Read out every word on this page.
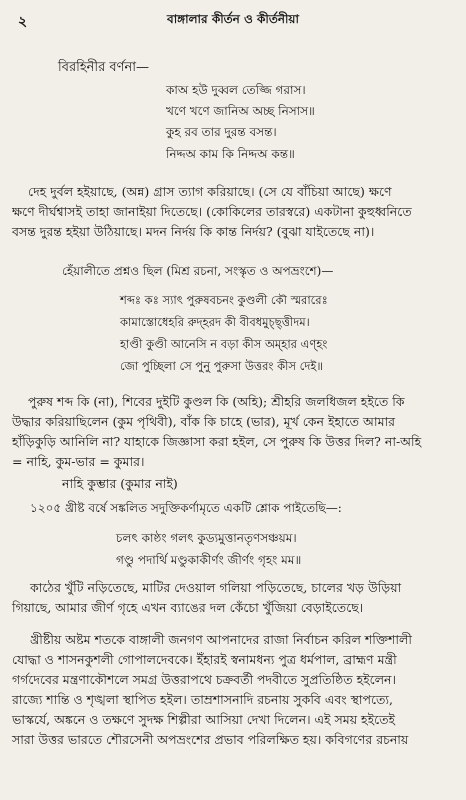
২	বাঙ্গালার কীর্তন ও কীর্তনীয়া
বিরহিনীর বর্ণনা—
কাঅ হউ দুব্বল তেজ্জি গরাস।
খণে খণে জানিঅ অচ্ছ নিসাস॥
কুহ রব তার দুরন্ত বসন্ত।
নিদ্দঅ কাম কি নিদ্দঅ কন্ত॥
দেহ দুর্বল হইয়াছে, (অন্ন) গ্রাস ত্যাগ করিয়াছে। (সে যে বাঁচিয়া আছে) ক্ষণে
ক্ষণে দীর্ঘশ্বাসই তাহা জানাইয়া দিতেছে। (কোকিলের তারস্বরে) একটানা কুহুধ্বনিতে
বসন্ত দুরন্ত হইয়া উঠিয়াছে। মদন নির্দয় কি কান্ত নির্দয়? (বুঝা যাইতেছে না)।
হেঁয়ালীতে প্রশ্নও ছিল (মিশ্র রচনা, সংস্কৃত ও অপভ্রংশে)—
শব্দঃ কঃ স্যাৎ পুরুষবচনং কুণ্ডলী কৌ স্মরারেঃ
কামাস্তোধেহরি রুদ্‌হরদ কী বীবধমুচ্ছ্‌ত্তীদম।
হাণ্ডী কুণ্ডী আনেসি ন বড়া কীস অম্হার এণ্হং
জো পুচ্ছিলা সে পুনু পুরুসা উত্তরং কীস দেই॥
পুরুষ শব্দ কি (না), শিবের দুইটি কুণ্ডল কি (অহি); শ্রীহরি জলধিজল হইতে কি
উদ্ধার করিয়াছিলেন (কুম পৃথিবী), বাঁক কি চাহে (ভার), মূর্খ কেন ইহাতে আমার
হাঁড়িকুড়ি আনিলি না? যাহাকে জিজ্ঞাসা করা হইল, সে পুরুষ কি উত্তর দিল? না-অহি
= নাহি, কুম-ভার = কুমার।
নাহি কুম্ভার (কুমার নাই)
১২০৫ খ্রীষ্ট বর্ষে সঙ্কলিত সদুক্তিকর্ণামৃতে একটি শ্লোক পাইতেছি—:
চলৎ কাষ্ঠং গলৎ কুড্যমুত্তানতৃণসঞ্চয়ম।
গণ্ডু পদার্থি মণ্ডুকাকীর্ণং জীর্ণং গৃহং মম॥
কাঠের খুঁটি নড়িতেছে, মাটির দেওয়াল গলিয়া পড়িতেছে, চালের খড় উড়িয়া
গিয়াছে, আমার জীর্ণ গৃহে এখন ব্যাঙের দল কেঁচো খুঁজিয়া বেড়াইতেছে।
খ্রীষ্টীয় অষ্টম শতকে বাঙ্গালী জনগণ আপনাদের রাজা নির্বাচন করিল শক্তিশালী
যোদ্ধা ও শাসনকুশলী গোপালদেবকে। ইঁহারই স্বনামধন্য পুত্র ধর্মপাল, ব্রাহ্মণ মন্ত্রী
গর্গদেবের মন্ত্রণাকৌশলে সমগ্র উত্তরাপথে চক্রবর্তী পদবীতে সুপ্রতিষ্ঠিত হইলেন।
রাজ্যে শান্তি ও শৃঙ্খলা স্থাপিত হইল। তাম্রশাসনাদি রচনায় সুকবি এবং স্থাপত্যে,
ভাস্কর্যে, অঙ্কনে ও তক্ষণে সুদক্ষ শিল্পীরা আসিয়া দেখা দিলেন। এই সময় হইতেই
সারা উত্তর ভারতে শৌরসেনী অপভ্রংশের প্রভাব পরিলক্ষিত হয়। কবিগণের রচনায়
